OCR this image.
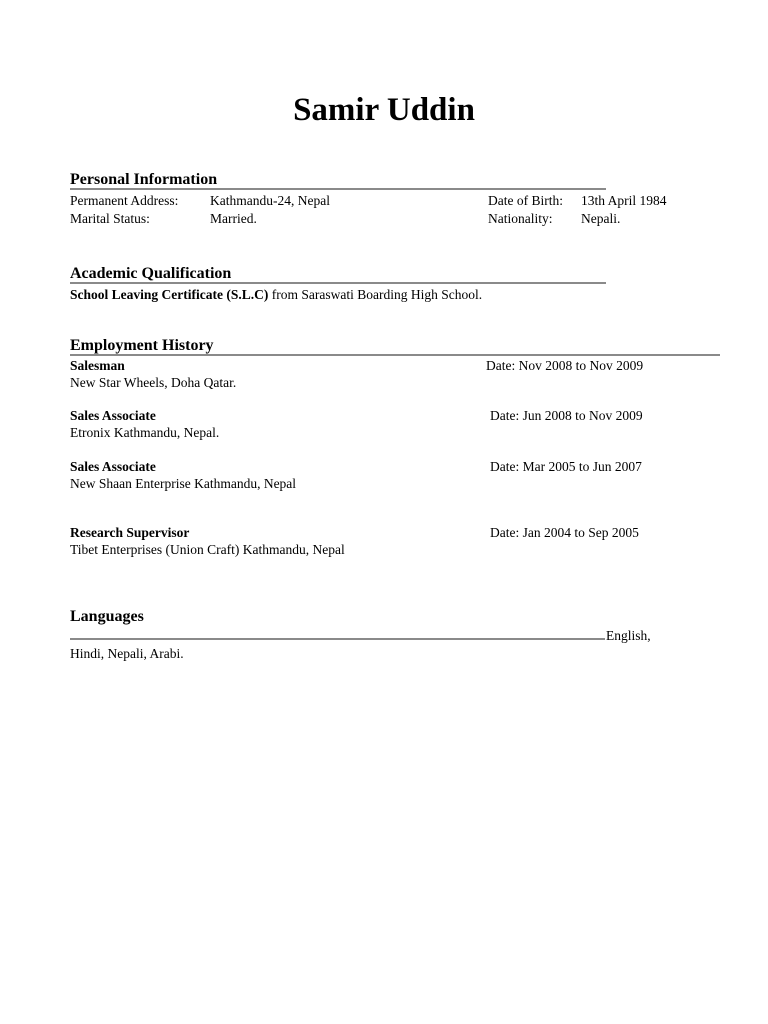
Samir Uddin
Personal Information
Permanent Address: Kathmandu-24, Nepal	Date of Birth: 13th April 1984
Marital Status:	Married.	Nationality: Nepali.
Academic Qualification
School Leaving Certificate (S.L.C) from Saraswati Boarding High School.
Employment History
Salesman	Date: Nov 2008 to Nov 2009
New Star Wheels, Doha Qatar.
Sales Associate	Date: Jun 2008 to Nov 2009
Etronix Kathmandu, Nepal.
Sales Associate	Date: Mar 2005 to Jun 2007
New Shaan Enterprise Kathmandu, Nepal
Research Supervisor	Date: Jan 2004 to Sep 2005
Tibet Enterprises (Union Craft) Kathmandu, Nepal
Languages
English,
Hindi, Nepali, Arabi.
